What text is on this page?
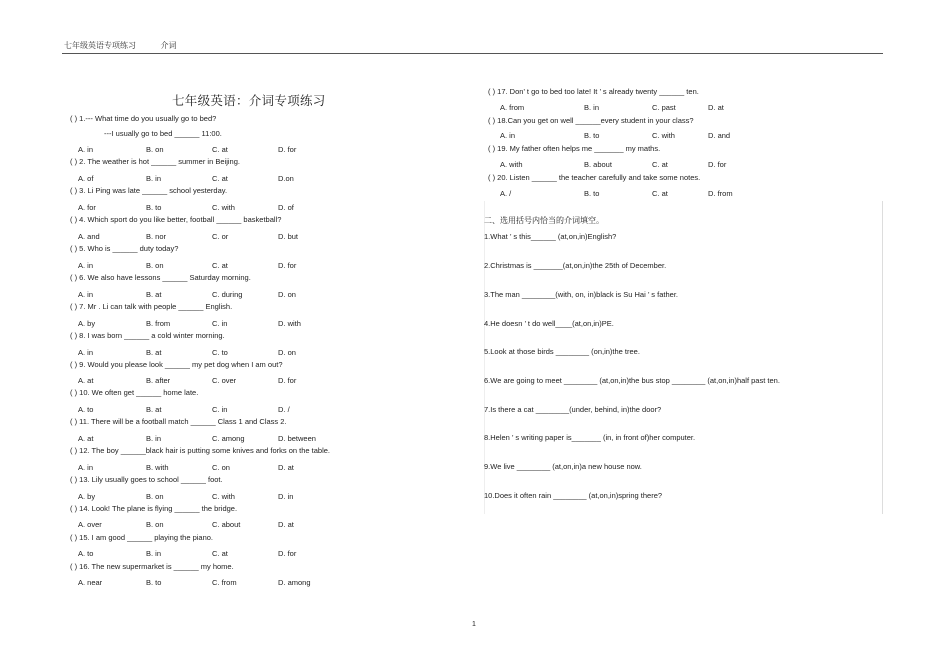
七年级英语专项练习	介词
七年级英语：介词专项练习
( ) 1.--- What time do you usually go to bed?
---I usually go to bed ______ 11:00.
( ) 2. The weather is hot ______ summer in Beijing.
( ) 3. Li Ping was late ______ school yesterday.
( ) 4. Which sport do you like better, football ______ basketball?
( ) 5. Who is ______ duty today?
( ) 6. We also have lessons ______ Saturday morning.
( ) 7. Mr . Li can talk with people ______ English.
( ) 8. I was born ______ a cold winter morning.
( ) 9. Would you please look ______ my pet dog when I am out?
( ) 10. We often get ______ home late.
( ) 11. There will be a football match ______ Class 1 and Class 2.
( ) 12. The boy ______black hair is putting some knives and forks on the table.
( ) 13. Lily usually goes to school ______ foot.
( ) 14. Look! The plane is flying ______ the bridge.
( ) 15. I am good ______ playing the piano.
( ) 16. The new supermarket is ______ my home.
A. in	B. on	C. at	D. for
A. of	B. in	C. at	D.on
A. for	B. to	C. with	D. of
A. and	B. nor	C. or	D. but
A. in	B. on	C. at	D. for
A. in	B. at	C. during	D. on
A. by	B. from	C. in	D. with
A. in	B. at	C. to	D. on
A. at	B. after	C. over	D. for
A. to	B. at	C. in	D. /
A. at	B. in	C. among	D. between
A. in	B. with	C. on	D. at
A. by	B. on	C. with	D. in
A. over	B. on	C. about	D. at
A. to	B. in	C. at	D. for
A. near	B. to	C. from	D. among
( ) 17. Don’ t go to bed too late! It ’ s already twenty ______ ten.
( ) 18.Can you get on well ______every student in your class?
( ) 19. My father often helps me _______ my maths.
( ) 20. Listen ______ the teacher carefully and take some notes.
A. from	B. in	C. past	D. at
A. in	B. to	C. with	D. and
A. with	B. about	C. at	D. for
A. /	B. to	C. at	D. from
二、选用括号内恰当的介词填空。
1.What ’ s this______ (at,on,in)English?
2.Christmas is _______(at,on,in)the 25th of December.
3.The man ________(with, on, in)black is Su Hai ’ s father.
4.He doesn ’ t do well____(at,on,in)PE.
5.Look at those birds ________ (on,in)the tree.
6.We are going to meet ________ (at,on,in)the bus stop ________ (at,on,in)half past ten.
7.Is there a cat ________(under, behind, in)the door?
8.Helen ’ s writing paper is_______ (in, in front of)her computer.
9.We live ________ (at,on,in)a new house now.
10.Does it often rain ________ (at,on,in)spring there?
1
